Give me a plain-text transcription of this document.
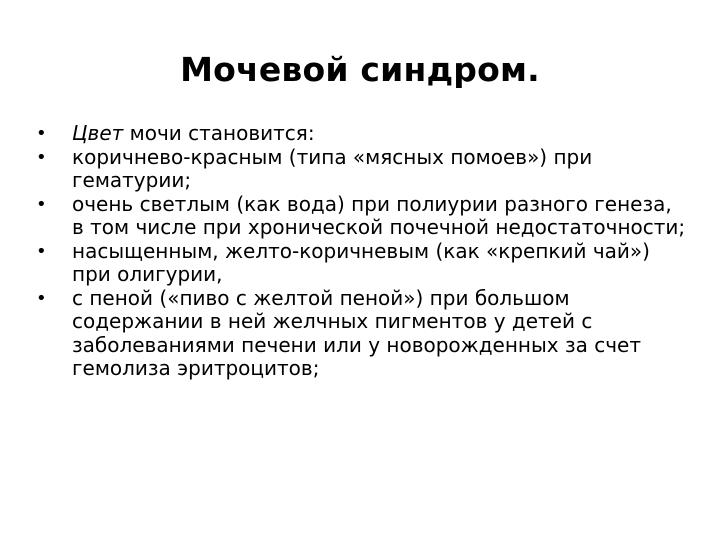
Мочевой синдром.
• Цвет мочи становится:
• коричнево-красным (типа «мясных помоев») при гематурии;
• очень светлым (как вода) при полиурии разного генеза, в том числе при хронической почечной недостаточности;
• насыщенным, желто-коричневым (как «крепкий чай») при олигурии,
• с пеной («пиво с желтой пеной») при большом содержании в ней желчных пигментов у детей с заболеваниями печени или у новорожденных за счет гемолиза эритроцитов;
